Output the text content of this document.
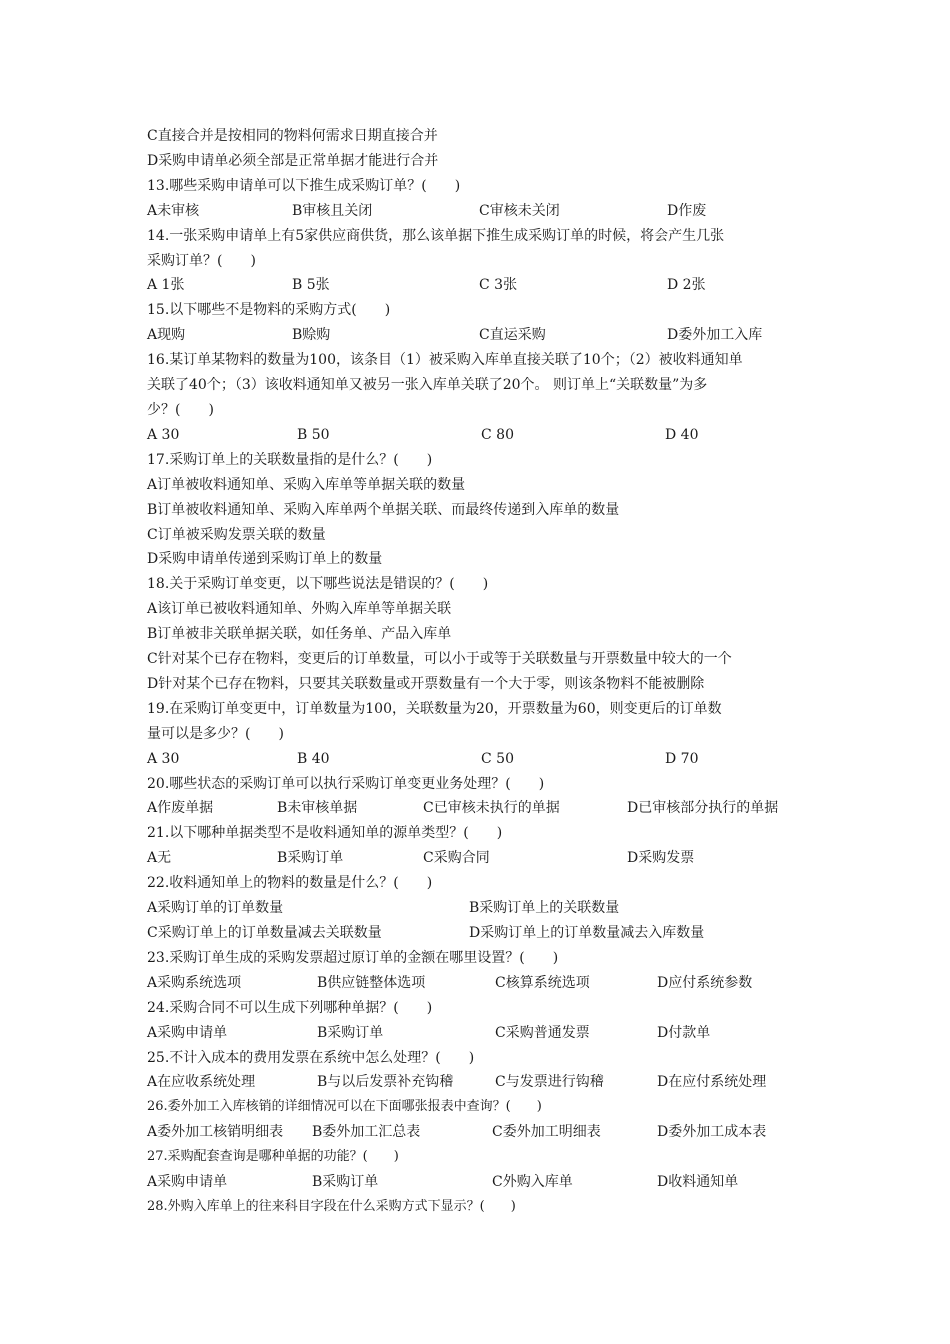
C直接合并是按相同的物料何需求日期直接合并
D采购申请单必须全部是正常单据才能进行合并
13.哪些采购申请单可以下推生成采购订单？(　　)
A未审核	B审核且关闭	C审核未关闭	D作废
14.一张采购申请单上有5家供应商供货，那么该单据下推生成采购订单的时候，将会产生几张
采购订单？(　　)
A 1张	B 5张	C 3张	D 2张
15.以下哪些不是物料的采购方式(　　)
A现购	B赊购	C直运采购	D委外加工入库
16.某订单某物料的数量为100，该条目（1）被采购入库单直接关联了10个；（2）被收料通知单
关联了40个；（3）该收料通知单又被另一张入库单关联了20个。 则订单上“关联数量”为多
少？(　　)
A 30	B 50	C 80	D 40
17.采购订单上的关联数量指的是什么？(　　)
A订单被收料通知单、采购入库单等单据关联的数量
B订单被收料通知单、采购入库单两个单据关联、而最终传递到入库单的数量
C订单被采购发票关联的数量
D采购申请单传递到采购订单上的数量
18.关于采购订单变更，以下哪些说法是错误的？(　　)
A该订单已被收料通知单、外购入库单等单据关联
B订单被非关联单据关联，如任务单、产品入库单
C针对某个已存在物料，变更后的订单数量，可以小于或等于关联数量与开票数量中较大的一个
D针对某个已存在物料，只要其关联数量或开票数量有一个大于零，则该条物料不能被删除
19.在采购订单变更中，订单数量为100，关联数量为20，开票数量为60，则变更后的订单数
量可以是多少？(　　)
A 30	B 40	C 50	D 70
20.哪些状态的采购订单可以执行采购订单变更业务处理？(　　)
A作废单据	B未审核单据	C已审核未执行的单据	D已审核部分执行的单据
21.以下哪种单据类型不是收料通知单的源单类型？(　　)
A无	B采购订单	C采购合同	D采购发票
22.收料通知单上的物料的数量是什么？(　　)
A采购订单的订单数量	B采购订单上的关联数量
C采购订单上的订单数量减去关联数量	D采购订单上的订单数量减去入库数量
23.采购订单生成的采购发票超过原订单的金额在哪里设置？(　　)
A采购系统选项	B供应链整体选项	C核算系统选项	D应付系统参数
24.采购合同不可以生成下列哪种单据？(　　)
A采购申请单	B采购订单	C采购普通发票	D付款单
25.不计入成本的费用发票在系统中怎么处理？(　　)
A在应收系统处理	B与以后发票补充钩稽	C与发票进行钩稽	D在应付系统处理
26.委外加工入库核销的详细情况可以在下面哪张报表中查询？(　　)
A委外加工核销明细表	B委外加工汇总表	C委外加工明细表	D委外加工成本表
27.采购配套查询是哪种单据的功能？(　　)
A采购申请单	B采购订单	C外购入库单	D收料通知单
28.外购入库单上的往来科目字段在什么采购方式下显示？(　　)
